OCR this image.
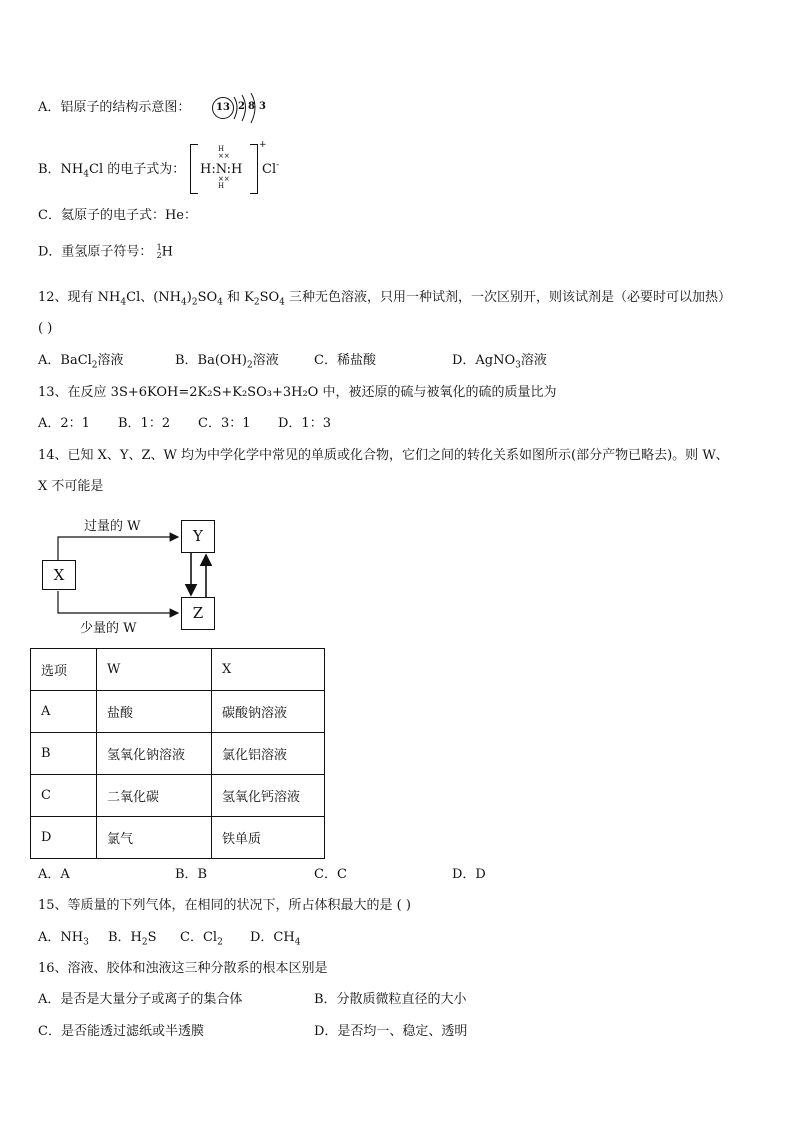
A．铝原子的结构示意图：	13 2 8 3
B．$NH_4Cl$ 的电子式为：
H
××
H:N:H
××
H
+
Cl-
C．氦原子的电子式：He：
D．重氢原子符号： 1
2H
12、现有 $NH_4Cl$、$(NH_4)_2SO_4$ 和 $K_2SO_4$ 三种无色溶液，只用一种试剂，一次区别开，则该试剂是（必要时可以加热）
( )
A．BaCl$_2$溶液	B．$Ba(OH)_2$溶液	C．稀盐酸	D．AgNO$_3$溶液
13、在反应 3S+6KOH=2K₂S+K₂SO₃+3H₂O 中，被还原的硫与被氧化的硫的质量比为
A．2：1 B．1：2 C．3：1 D．1：3
14、已知 X、Y、Z、W 均为中学化学中常见的单质或化合物，它们之间的转化关系如图所示(部分产物已略去)。则 W、
X 不可能是
X
Y
Z
过量的 W
少量的 W
选项	W	X
A	盐酸	碳酸钠溶液
B	氢氧化钠溶液	氯化铝溶液
C	二氧化碳	氢氧化钙溶液
D	氯气	铁单质
A．A	B．B	C．C	D．D
15、等质量的下列气体，在相同的状况下，所占体积最大的是 ( )
A．$NH_3$ B．$H_2S$ C．$Cl_2$ D．$CH_4$
16、溶液、胶体和浊液这三种分散系的根本区别是
A．是否是大量分子或离子的集合体	B．分散质微粒直径的大小
C．是否能透过滤纸或半透膜	D．是否均一、稳定、透明
